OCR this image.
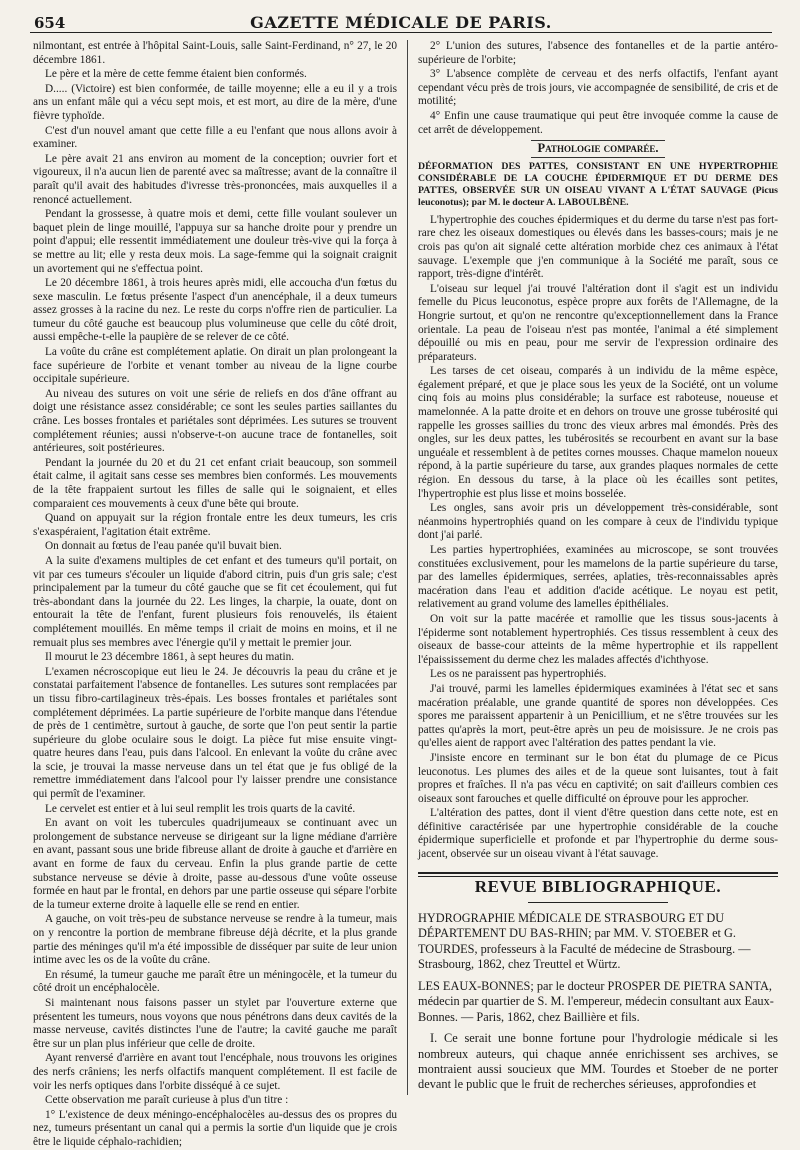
654	GAZETTE MÉDICALE DE PARIS.

nilmontant, est entrée à l'hôpital Saint-Louis, salle Saint-Ferdinand, n° 27, le 20 décembre 1861.

Le père et la mère de cette femme étaient bien conformés.

D..... (Victoire) est bien conformée, de taille moyenne; elle a eu il y a trois ans un enfant mâle qui a vécu sept mois, et est mort, au dire de la mère, d'une fièvre typhoïde.

C'est d'un nouvel amant que cette fille a eu l'enfant que nous allons avoir à examiner.

Le père avait 21 ans environ au moment de la conception; ouvrier fort et vigoureux, il n'a aucun lien de parenté avec sa maîtresse; avant de la connaître il paraît qu'il avait des habitudes d'ivresse très-prononcées, mais auxquelles il a renoncé actuellement.

Pendant la grossesse, à quatre mois et demi, cette fille voulant soulever un baquet plein de linge mouillé, l'appuya sur sa hanche droite pour y prendre un point d'appui; elle ressentit immédiatement une douleur très-vive qui la força à se mettre au lit; elle y resta deux mois. La sage-femme qui la soignait craignit un avortement qui ne s'effectua point.

Le 20 décembre 1861, à trois heures après midi, elle accoucha d'un fœtus du sexe masculin. Le fœtus présente l'aspect d'un anencéphale, il a deux tumeurs assez grosses à la racine du nez. Le reste du corps n'offre rien de particulier. La tumeur du côté gauche est beaucoup plus volumineuse que celle du côté droit, aussi empêche-t-elle la paupière de se relever de ce côté.

La voûte du crâne est complétement aplatie. On dirait un plan prolongeant la face supérieure de l'orbite et venant tomber au niveau de la ligne courbe occipitale supérieure.

Au niveau des sutures on voit une série de reliefs en dos d'âne offrant au doigt une résistance assez considérable; ce sont les seules parties saillantes du crâne. Les bosses frontales et pariétales sont déprimées. Les sutures se trouvent complétement réunies; aussi n'observe-t-on aucune trace de fontanelles, soit antérieures, soit postérieures.

Pendant la journée du 20 et du 21 cet enfant criait beaucoup, son sommeil était calme, il agitait sans cesse ses membres bien conformés. Les mouvements de la tête frappaient surtout les filles de salle qui le soignaient, et elles comparaient ces mouvements à ceux d'une bête qui broute.

Quand on appuyait sur la région frontale entre les deux tumeurs, les cris s'exaspéraient, l'agitation était extrême.

On donnait au fœtus de l'eau panée qu'il buvait bien.

A la suite d'examens multiples de cet enfant et des tumeurs qu'il portait, on vit par ces tumeurs s'écouler un liquide d'abord citrin, puis d'un gris sale; c'est principalement par la tumeur du côté gauche que se fit cet écoulement, qui fut très-abondant dans la journée du 22. Les linges, la charpie, la ouate, dont on entourait la tête de l'enfant, furent plusieurs fois renouvelés, ils étaient complétement mouillés. En même temps il criait de moins en moins, et il ne remuait plus ses membres avec l'énergie qu'il y mettait le premier jour.

Il mourut le 23 décembre 1861, à sept heures du matin.

L'examen nécroscopique eut lieu le 24. Je découvris la peau du crâne et je constatai parfaitement l'absence de fontanelles. Les sutures sont remplacées par un tissu fibro-cartilagineux très-épais. Les bosses frontales et pariétales sont complétement déprimées. La partie supérieure de l'orbite manque dans l'étendue de près de 1 centimètre, surtout à gauche, de sorte que l'on peut sentir la partie supérieure du globe oculaire sous le doigt. La pièce fut mise ensuite vingt-quatre heures dans l'eau, puis dans l'alcool. En enlevant la voûte du crâne avec la scie, je trouvai la masse nerveuse dans un tel état que je fus obligé de la remettre immédiatement dans l'alcool pour l'y laisser prendre une consistance qui permît de l'examiner.

Le cervelet est entier et à lui seul remplit les trois quarts de la cavité.

En avant on voit les tubercules quadrijumeaux se continuant avec un prolongement de substance nerveuse se dirigeant sur la ligne médiane d'arrière en avant, passant sous une bride fibreuse allant de droite à gauche et d'arrière en avant en forme de faux du cerveau. Enfin la plus grande partie de cette substance nerveuse se dévie à droite, passe au-dessous d'une voûte osseuse formée en haut par le frontal, en dehors par une partie osseuse qui sépare l'orbite de la tumeur externe droite à laquelle elle se rend en entier.

A gauche, on voit très-peu de substance nerveuse se rendre à la tumeur, mais on y rencontre la portion de membrane fibreuse déjà décrite, et la plus grande partie des méninges qu'il m'a été impossible de disséquer par suite de leur union intime avec les os de la voûte du crâne.

En résumé, la tumeur gauche me paraît être un méningocèle, et la tumeur du côté droit un encéphalocèle.

Si maintenant nous faisons passer un stylet par l'ouverture externe que présentent les tumeurs, nous voyons que nous pénétrons dans deux cavités de la masse nerveuse, cavités distinctes l'une de l'autre; la cavité gauche me paraît être sur un plan plus inférieur que celle de droite.

Ayant renversé d'arrière en avant tout l'encéphale, nous trouvons les origines des nerfs crâniens; les nerfs olfactifs manquent complétement. Il est facile de voir les nerfs optiques dans l'orbite disséqué à ce sujet.

Cette observation me paraît curieuse à plus d'un titre :

1° L'existence de deux méningo-encéphalocèles au-dessus des os propres du nez, tumeurs présentant un canal qui a permis la sortie d'un liquide que je crois être le liquide céphalo-rachidien;

2° L'union des sutures, l'absence des fontanelles et de la partie antéro-supérieure de l'orbite;

3° L'absence complète de cerveau et des nerfs olfactifs, l'enfant ayant cependant vécu près de trois jours, vie accompagnée de sensibilité, de cris et de motilité;

4° Enfin une cause traumatique qui peut être invoquée comme la cause de cet arrêt de développement.

Pathologie comparée.

DÉFORMATION DES PATTES, CONSISTANT EN UNE HYPERTROPHIE CONSIDÉRABLE DE LA COUCHE ÉPIDERMIQUE ET DU DERME DES PATTES, OBSERVÉE SUR UN OISEAU VIVANT A L'ÉTAT SAUVAGE (Picus leuconotus); par M. le docteur A. LABOULBÈNE.

L'hypertrophie des couches épidermiques et du derme du tarse n'est pas fort-rare chez les oiseaux domestiques ou élevés dans les basses-cours; mais je ne crois pas qu'on ait signalé cette altération morbide chez ces animaux à l'état sauvage. L'exemple que j'en communique à la Société me paraît, sous ce rapport, très-digne d'intérêt.

L'oiseau sur lequel j'ai trouvé l'altération dont il s'agit est un individu femelle du Picus leuconotus, espèce propre aux forêts de l'Allemagne, de la Hongrie surtout, et qu'on ne rencontre qu'exceptionnellement dans la France orientale. La peau de l'oiseau n'est pas montée, l'animal a été simplement dépouillé ou mis en peau, pour me servir de l'expression ordinaire des préparateurs.

Les tarses de cet oiseau, comparés à un individu de la même espèce, également préparé, et que je place sous les yeux de la Société, ont un volume cinq fois au moins plus considérable; la surface est raboteuse, noueuse et mamelonnée. A la patte droite et en dehors on trouve une grosse tubérosité qui rappelle les grosses saillies du tronc des vieux arbres mal émondés. Près des ongles, sur les deux pattes, les tubérosités se recourbent en avant sur la base unguéale et ressemblent à de petites cornes mousses. Chaque mamelon noueux répond, à la partie supérieure du tarse, aux grandes plaques normales de cette région. En dessous du tarse, à la place où les écailles sont petites, l'hypertrophie est plus lisse et moins bosselée.

Les ongles, sans avoir pris un développement très-considérable, sont néanmoins hypertrophiés quand on les compare à ceux de l'individu typique dont j'ai parlé.

Les parties hypertrophiées, examinées au microscope, se sont trouvées constituées exclusivement, pour les mamelons de la partie supérieure du tarse, par des lamelles épidermiques, serrées, aplaties, très-reconnaissables après macération dans l'eau et addition d'acide acétique. Le noyau est petit, relativement au grand volume des lamelles épithéliales.

On voit sur la patte macérée et ramollie que les tissus sous-jacents à l'épiderme sont notablement hypertrophiés. Ces tissus ressemblent à ceux des oiseaux de basse-cour atteints de la même hypertrophie et ils rappellent l'épaississement du derme chez les malades affectés d'ichthyose.

Les os ne paraissent pas hypertrophiés.

J'ai trouvé, parmi les lamelles épidermiques examinées à l'état sec et sans macération préalable, une grande quantité de spores non développées. Ces spores me paraissent appartenir à un Penicillium, et ne s'être trouvées sur les pattes qu'après la mort, peut-être après un peu de moisissure. Je ne crois pas qu'elles aient de rapport avec l'altération des pattes pendant la vie.

J'insiste encore en terminant sur le bon état du plumage de ce Picus leuconotus. Les plumes des ailes et de la queue sont luisantes, tout à fait propres et fraîches. Il n'a pas vécu en captivité; on sait d'ailleurs combien ces oiseaux sont farouches et quelle difficulté on éprouve pour les approcher.

L'altération des pattes, dont il vient d'être question dans cette note, est en définitive caractérisée par une hypertrophie considérable de la couche épidermique superficielle et profonde et par l'hypertrophie du derme sous-jacent, observée sur un oiseau vivant à l'état sauvage.

REVUE BIBLIOGRAPHIQUE.

HYDROGRAPHIE MÉDICALE DE STRASBOURG ET DU DÉPARTEMENT DU BAS-RHIN; par MM. V. STOEBER et G. TOURDES, professeurs à la Faculté de médecine de Strasbourg. — Strasbourg, 1862, chez Treuttel et Würtz.

LES EAUX-BONNES; par le docteur PROSPER DE PIETRA SANTA, médecin par quartier de S. M. l'empereur, médecin consultant aux Eaux-Bonnes. — Paris, 1862, chez Baillière et fils.

I. Ce serait une bonne fortune pour l'hydrologie médicale si les nombreux auteurs, qui chaque année enrichissent ses archives, se montraient aussi soucieux que MM. Tourdes et Stoeber de ne porter devant le public que le fruit de recherches sérieuses, approfondies et
